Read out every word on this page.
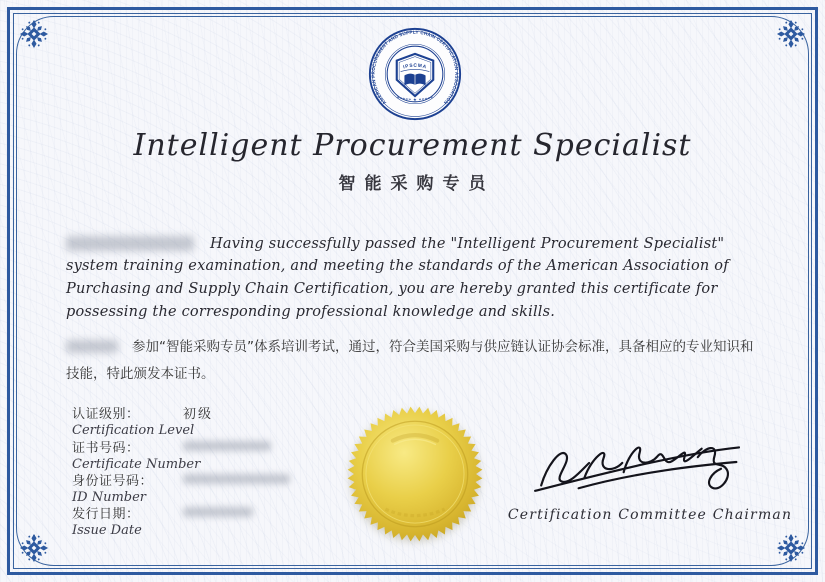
AMERICAN PROCUREMENT AND SUPPLY CHAIN CERTIFICATION ASSOCIATION
IPSCMA
»»»»» ★ «««««
Intelligent Procurement Specialist
智能采购专员

Having successfully passed the "Intelligent Procurement Specialist" system training examination, and meeting the standards of the American Association of Purchasing and Supply Chain Certification, you are hereby granted this certificate for possessing the corresponding professional knowledge and skills.

参加“智能采购专员”体系培训考试，通过，符合美国采购与供应链认证协会标准，具备相应的专业知识和技能，特此颁发本证书。

认证级别：
Certification Level
初级
证书号码：
Certificate Number
身份证号码：
ID Number
发行日期：
Issue Date
Certification Committee Chairman
